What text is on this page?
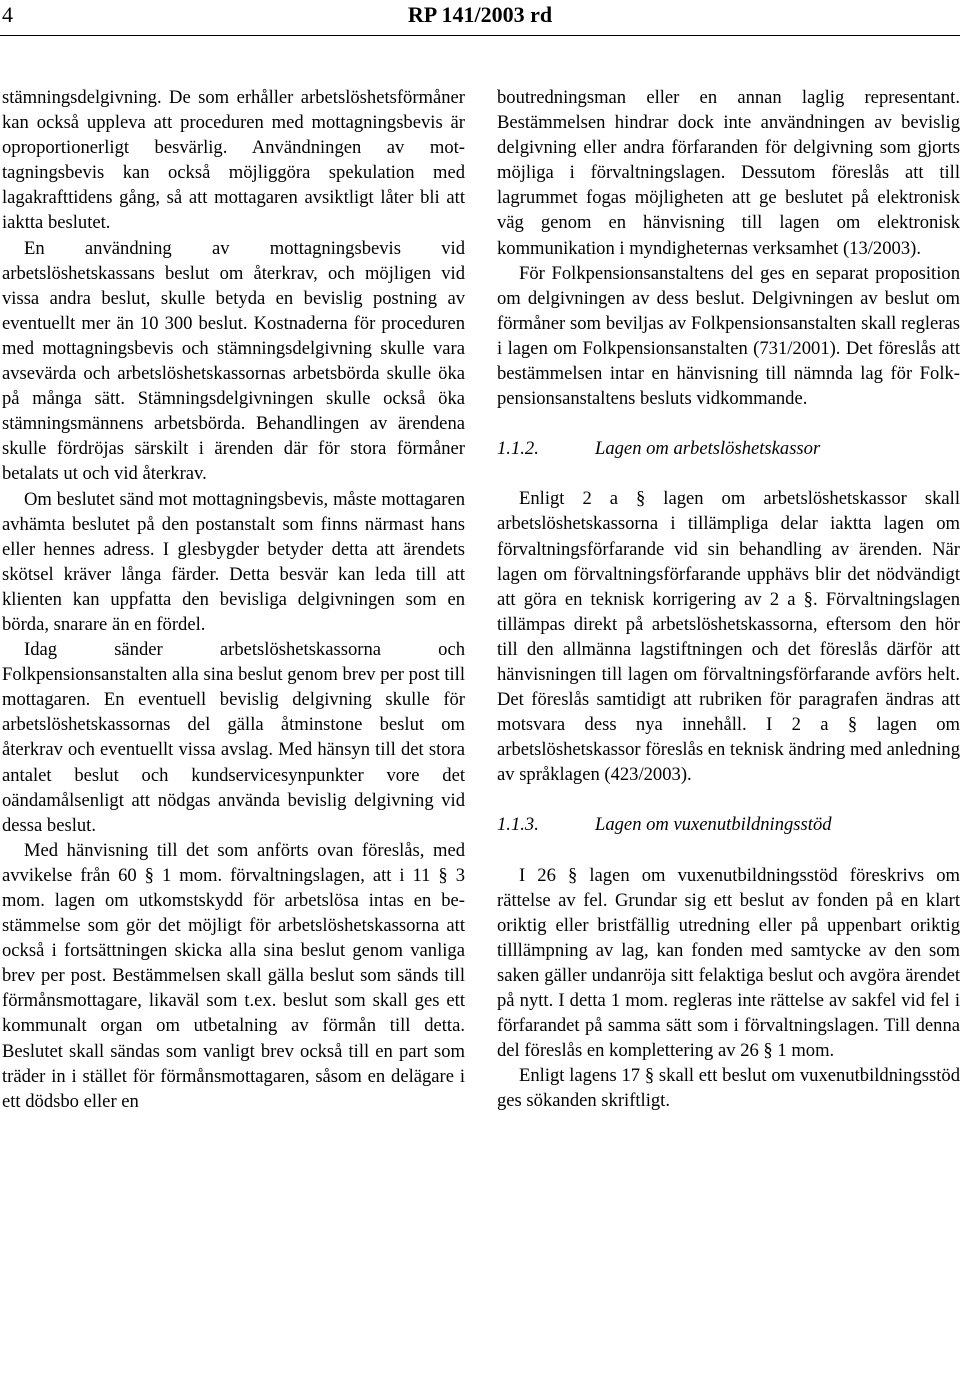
4	RP 141/2003 rd

stämningsdelgivning. De som erhåller arbetslöshetsförmåner kan också uppleva att proceduren med mottagningsbevis är oproportionerligt besvärlig. Användningen av mottagningsbevis kan också möjliggöra spekulation med lagakrafttidens gång, så att mottagaren avsiktligt låter bli att iaktta beslutet.

En användning av mottagningsbevis vid arbetslöshetskassans beslut om återkrav, och möjligen vid vissa andra beslut, skulle betyda en bevislig postning av eventuellt mer än 10 300 beslut. Kostnaderna för proceduren med mottagningsbevis och stämningsdelgivning skulle vara avsevärda och arbetslöshetskassornas arbetsbörda skulle öka på många sätt. Stämningsdelgivningen skulle också öka stämningsmännens arbetsbörda. Behandlingen av ärendena skulle fördröjas särskilt i ärenden där för stora förmåner betalats ut och vid återkrav.

Om beslutet sänd mot mottagningsbevis, måste mottagaren avhämta beslutet på den postanstalt som finns närmast hans eller hennes adress. I glesbygder betyder detta att ärendets skötsel kräver långa färder. Detta besvär kan leda till att klienten kan uppfatta den bevisliga delgivningen som en börda, snarare än en fördel.

Idag sänder arbetslöshetskassorna och Folkpensionsanstalten alla sina beslut genom brev per post till mottagaren. En eventuell bevislig delgivning skulle för arbetslöshetskassornas del gälla åtminstone beslut om återkrav och eventuellt vissa avslag. Med hänsyn till det stora antalet beslut och kundservicesynpunkter vore det oändamålsenligt att nödgas använda bevislig delgivning vid dessa beslut.

Med hänvisning till det som anförts ovan föreslås, med avvikelse från 60 § 1 mom. förvaltningslagen, att i 11 § 3 mom. lagen om utkomstskydd för arbetslösa intas en bestämmelse som gör det möjligt för arbetslöshetskassorna att också i fortsättningen skicka alla sina beslut genom vanliga brev per post. Bestämmelsen skall gälla beslut som sänds till förmånsmottagare, likaväl som t.ex. beslut som skall ges ett kommunalt organ om utbetalning av förmån till detta. Beslutet skall sändas som vanligt brev också till en part som träder in i stället för förmånsmottagaren, såsom en delägare i ett dödsbo eller en

boutredningsman eller en annan laglig representant. Bestämmelsen hindrar dock inte användningen av bevislig delgivning eller andra förfaranden för delgivning som gjorts möjliga i förvaltningslagen. Dessutom föreslås att till lagrummet fogas möjligheten att ge beslutet på elektronisk väg genom en hänvisning till lagen om elektronisk kommunikation i myndigheternas verksamhet (13/2003).

För Folkpensionsanstaltens del ges en separat proposition om delgivningen av dess beslut. Delgivningen av beslut om förmåner som beviljas av Folkpensionsanstalten skall regleras i lagen om Folkpensionsanstalten (731/2001). Det föreslås att bestämmelsen intar en hänvisning till nämnda lag för Folkpensionsanstaltens besluts vidkommande.

1.1.2.	Lagen om arbetslöshetskassor

Enligt 2 a § lagen om arbetslöshetskassor skall arbetslöshetskassorna i tillämpliga delar iaktta lagen om förvaltningsförfarande vid sin behandling av ärenden. När lagen om förvaltningsförfarande upphävs blir det nödvändigt att göra en teknisk korrigering av 2 a §. Förvaltningslagen tillämpas direkt på arbetslöshetskassorna, eftersom den hör till den allmänna lagstiftningen och det föreslås därför att hänvisningen till lagen om förvaltningsförfarande avförs helt. Det föreslås samtidigt att rubriken för paragrafen ändras att motsvara dess nya innehåll. I 2 a § lagen om arbetslöshetskassor föreslås en teknisk ändring med anledning av språklagen (423/2003).

1.1.3.	Lagen om vuxenutbildningsstöd

I 26 § lagen om vuxenutbildningsstöd föreskrivs om rättelse av fel. Grundar sig ett beslut av fonden på en klart oriktig eller bristfällig utredning eller på uppenbart oriktig tilllämpning av lag, kan fonden med samtycke av den som saken gäller undanröja sitt felaktiga beslut och avgöra ärendet på nytt. I detta 1 mom. regleras inte rättelse av sakfel vid fel i förfarandet på samma sätt som i förvaltningslagen. Till denna del föreslås en komplettering av 26 § 1 mom.

Enligt lagens 17 § skall ett beslut om vuxenutbildningsstöd ges sökanden skriftligt.
